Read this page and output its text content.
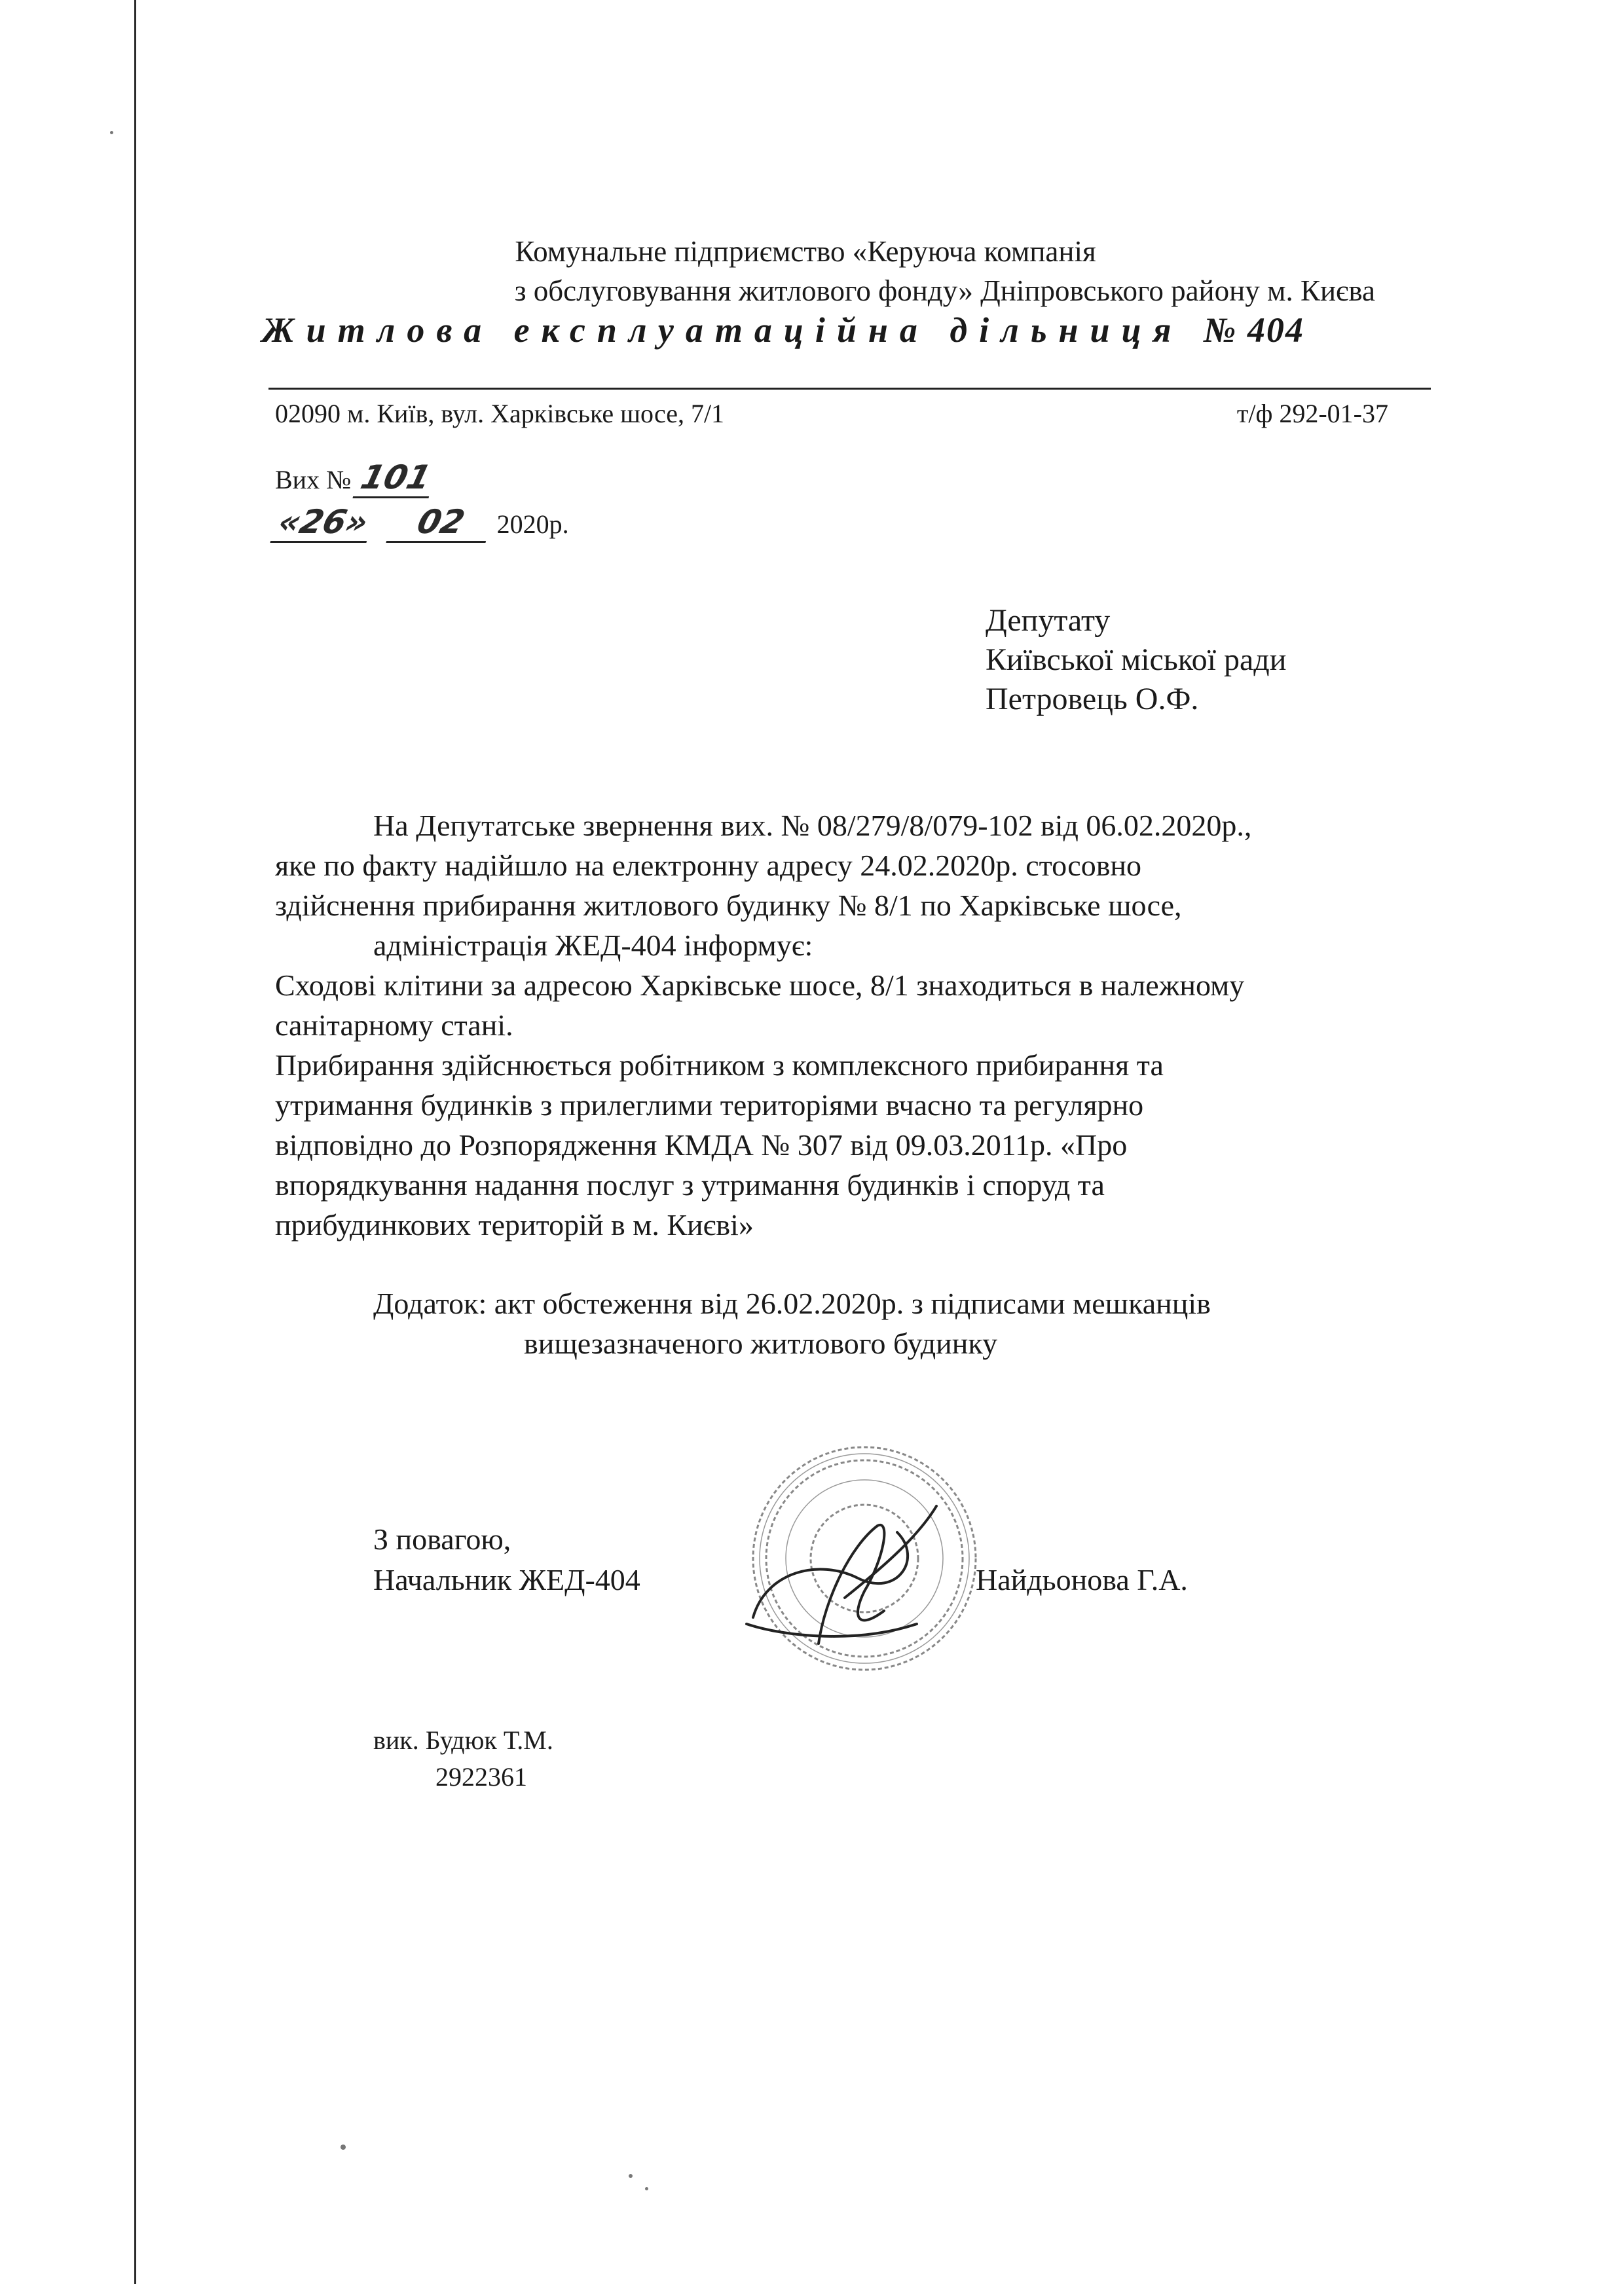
Комунальне підприємство «Керуюча компанія
з обслуговування житлового фонду» Дніпровського району м. Києва
Житлова експлуатаційна дільниця № 404
02090 м. Київ, вул. Харківське шосе, 7/1	т/ф 292-01-37
Вих № 101
«26» 02 2020р.
Депутату
Київської міської ради
Петровець О.Ф.
На Депутатське звернення вих. № 08/279/8/079-102 від 06.02.2020р.,
яке по факту надійшло на електронну адресу 24.02.2020р. стосовно
здійснення прибирання житлового будинку № 8/1 по Харківське шосе,
адміністрація ЖЕД-404 інформує:
Сходові клітини за адресою Харківське шосе, 8/1 знаходиться в належному
санітарному стані.
Прибирання здійснюється робітником з комплексного прибирання та
утримання будинків з прилеглими територіями вчасно та регулярно
відповідно до Розпорядження КМДА № 307 від 09.03.2011р. «Про
впорядкування надання послуг з утримання будинків і споруд та
прибудинкових територій в м. Києві»
Додаток: акт обстеження від 26.02.2020р. з підписами мешканців
вищезазначеного житлового будинку
З повагою,
Начальник ЖЕД-404	Найдьонова Г.А.
вик. Будюк Т.М.
2922361
